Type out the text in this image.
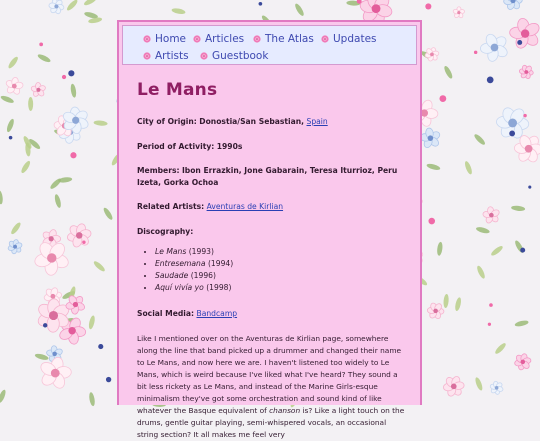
Home Articles The Atlas Updates
Artists Guestbook
Le Mans

City of Origin: Donostia/San Sebastian, Spain

Period of Activity: 1990s

Members: Ibon Errazkin, Jone Gabarain, Teresa Iturrioz, Peru Izeta, Gorka Ochoa

Related Artists: Aventuras de Kirlian

Discography:

• Le Mans (1993)
• Entresemana (1994)
• Saudade (1996)
• Aquí vivía yo (1998)

Social Media: Bandcamp

Like I mentioned over on the Aventuras de Kirlian page, somewhere along the line that band picked up a drummer and changed their name to Le Mans, and now here we are. I haven't listened too widely to Le Mans, which is weird because I've liked what I've heard? They sound a bit less rickety as Le Mans, and instead of the Marine Girls-esque minimalism they've got some orchestration and sound kind of like whatever the Basque equivalent of chanson is? Like a light touch on the drums, gentle guitar playing, semi-whispered vocals, an occasional string section? It all makes me feel very
